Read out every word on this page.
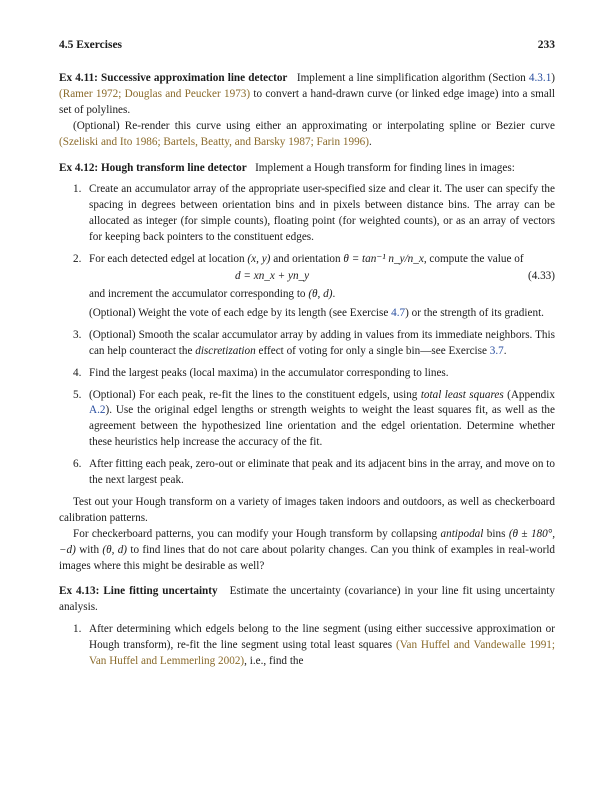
4.5 Exercises	233

Ex 4.11: Successive approximation line detector Implement a line simplification algorithm (Section 4.3.1) (Ramer 1972; Douglas and Peucker 1973) to convert a hand-drawn curve (or linked edge image) into a small set of polylines.

(Optional) Re-render this curve using either an approximating or interpolating spline or Bezier curve (Szeliski and Ito 1986; Bartels, Beatty, and Barsky 1987; Farin 1996).

Ex 4.12: Hough transform line detector Implement a Hough transform for finding lines in images:

1. Create an accumulator array of the appropriate user-specified size and clear it. The user can specify the spacing in degrees between orientation bins and in pixels between distance bins. The array can be allocated as integer (for simple counts), floating point (for weighted counts), or as an array of vectors for keeping back pointers to the constituent edges.
2. For each detected edgel at location (x, y) and orientation θ = tan⁻¹ n_y/n_x, compute the value of
d = xn_x + yn_y	(4.33)
and increment the accumulator corresponding to (θ, d).
(Optional) Weight the vote of each edge by its length (see Exercise 4.7) or the strength of its gradient.
3. (Optional) Smooth the scalar accumulator array by adding in values from its immediate neighbors. This can help counteract the discretization effect of voting for only a single bin—see Exercise 3.7.
4. Find the largest peaks (local maxima) in the accumulator corresponding to lines.
5. (Optional) For each peak, re-fit the lines to the constituent edgels, using total least squares (Appendix A.2). Use the original edgel lengths or strength weights to weight the least squares fit, as well as the agreement between the hypothesized line orientation and the edgel orientation. Determine whether these heuristics help increase the accuracy of the fit.
6. After fitting each peak, zero-out or eliminate that peak and its adjacent bins in the array, and move on to the next largest peak.

Test out your Hough transform on a variety of images taken indoors and outdoors, as well as checkerboard calibration patterns.

For checkerboard patterns, you can modify your Hough transform by collapsing antipodal bins (θ ± 180°, −d) with (θ, d) to find lines that do not care about polarity changes. Can you think of examples in real-world images where this might be desirable as well?

Ex 4.13: Line fitting uncertainty Estimate the uncertainty (covariance) in your line fit using uncertainty analysis.

1. After determining which edgels belong to the line segment (using either successive approximation or Hough transform), re-fit the line segment using total least squares (Van Huffel and Vandewalle 1991; Van Huffel and Lemmerling 2002), i.e., find the
